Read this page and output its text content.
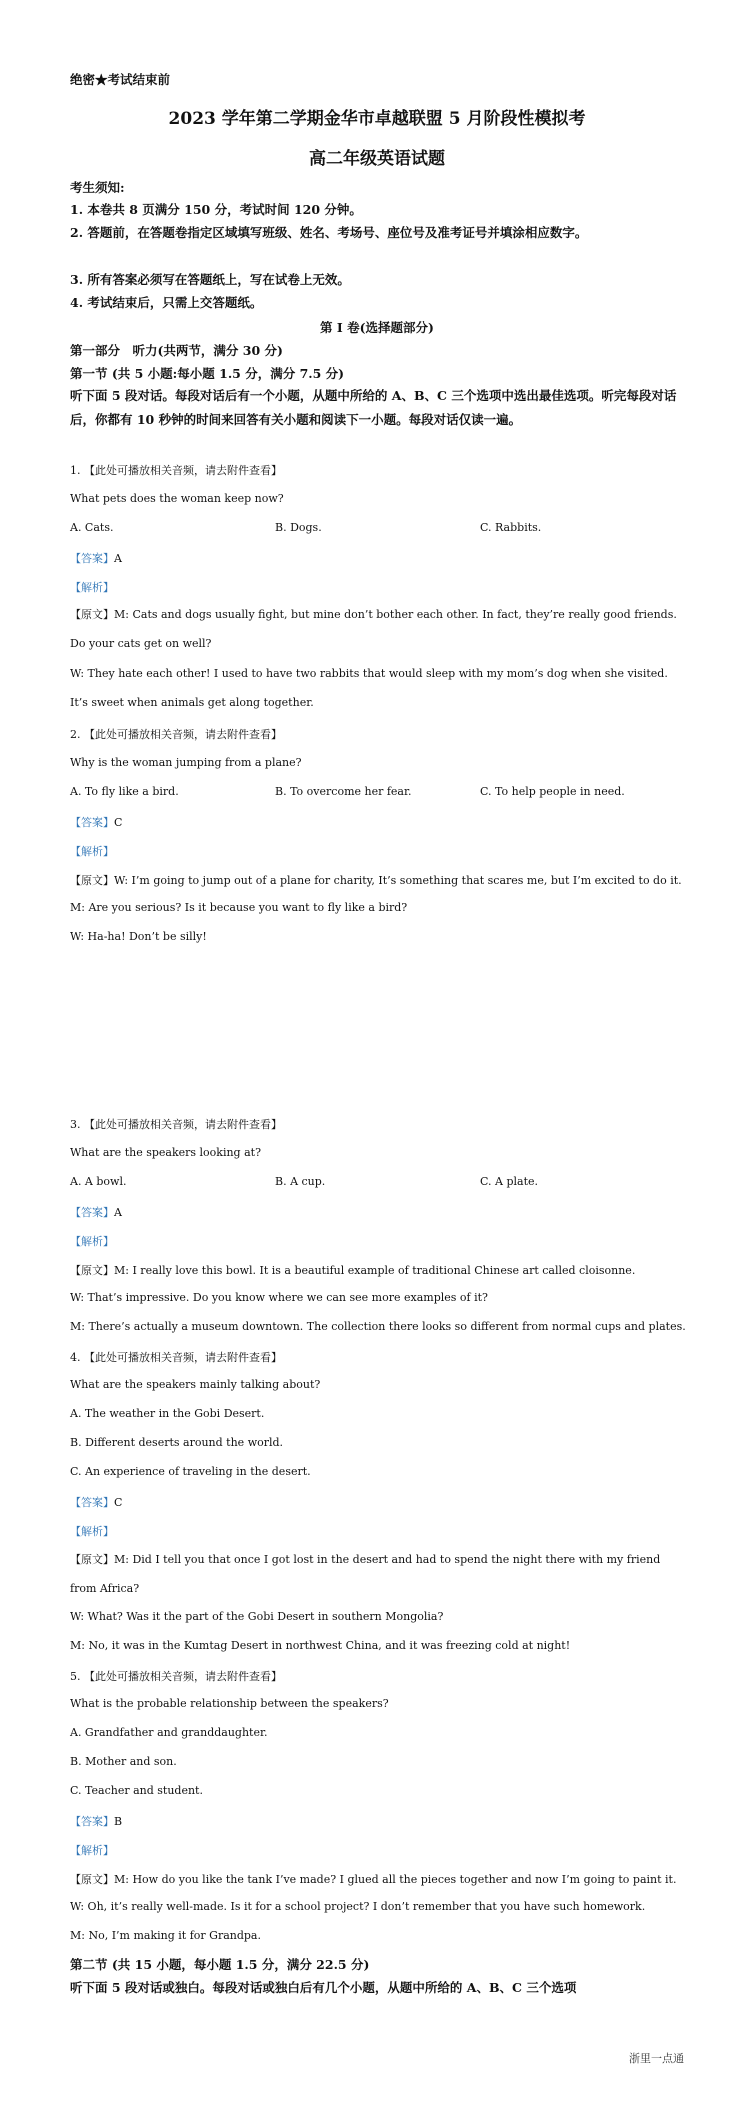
绝密★考试结束前
2023 学年第二学期金华市卓越联盟 5 月阶段性模拟考
高二年级英语试题
考生须知:
1. 本卷共 8 页满分 150 分，考试时间 120 分钟。
2. 答题前，在答题卷指定区域填写班级、姓名、考场号、座位号及准考证号并填涂相应数字。
3. 所有答案必须写在答题纸上，写在试卷上无效。
4. 考试结束后，只需上交答题纸。
第 Ⅰ 卷(选择题部分)
第一部分　听力(共两节，满分 30 分)
第一节 (共 5 小题:每小题 1.5 分，满分 7.5 分)
听下面 5 段对话。每段对话后有一个小题，从题中所给的 A、B、C 三个选项中选出最佳选项。听完每段对话后，你都有 10 秒钟的时间来回答有关小题和阅读下一小题。每段对话仅读一遍。
1. 【此处可播放相关音频，请去附件查看】
What pets does the woman keep now?
A. Cats.	B. Dogs.	C. Rabbits.
【答案】A
【解析】
【原文】M: Cats and dogs usually fight, but mine don’t bother each other. In fact, they’re really good friends. Do your cats get on well?
W: They hate each other! I used to have two rabbits that would sleep with my mom’s dog when she visited. It’s sweet when animals get along together.
2. 【此处可播放相关音频，请去附件查看】
Why is the woman jumping from a plane?
A. To fly like a bird.	B. To overcome her fear.	C. To help people in need.
【答案】C
【解析】
【原文】W: I’m going to jump out of a plane for charity, It’s something that scares me, but I’m excited to do it.
M: Are you serious? Is it because you want to fly like a bird?
W: Ha-ha! Don’t be silly!
3. 【此处可播放相关音频，请去附件查看】
What are the speakers looking at?
A. A bowl.	B. A cup.	C. A plate.
【答案】A
【解析】
【原文】M: I really love this bowl. It is a beautiful example of traditional Chinese art called cloisonne.
W: That’s impressive. Do you know where we can see more examples of it?
M: There’s actually a museum downtown. The collection there looks so different from normal cups and plates.
4. 【此处可播放相关音频，请去附件查看】
What are the speakers mainly talking about?
A. The weather in the Gobi Desert.
B. Different deserts around the world.
C. An experience of traveling in the desert.
【答案】C
【解析】
【原文】M: Did I tell you that once I got lost in the desert and had to spend the night there with my friend from Africa?
W: What? Was it the part of the Gobi Desert in southern Mongolia?
M: No, it was in the Kumtag Desert in northwest China, and it was freezing cold at night!
5. 【此处可播放相关音频，请去附件查看】
What is the probable relationship between the speakers?
A. Grandfather and granddaughter.
B. Mother and son.
C. Teacher and student.
【答案】B
【解析】
【原文】M: How do you like the tank I’ve made? I glued all the pieces together and now I’m going to paint it.
W: Oh, it’s really well-made. Is it for a school project? I don’t remember that you have such homework.
M: No, I’m making it for Grandpa.
第二节 (共 15 小题，每小题 1.5 分，满分 22.5 分)
听下面 5 段对话或独白。每段对话或独白后有几个小题，从题中所给的 A、B、C 三个选项
浙里一点通
